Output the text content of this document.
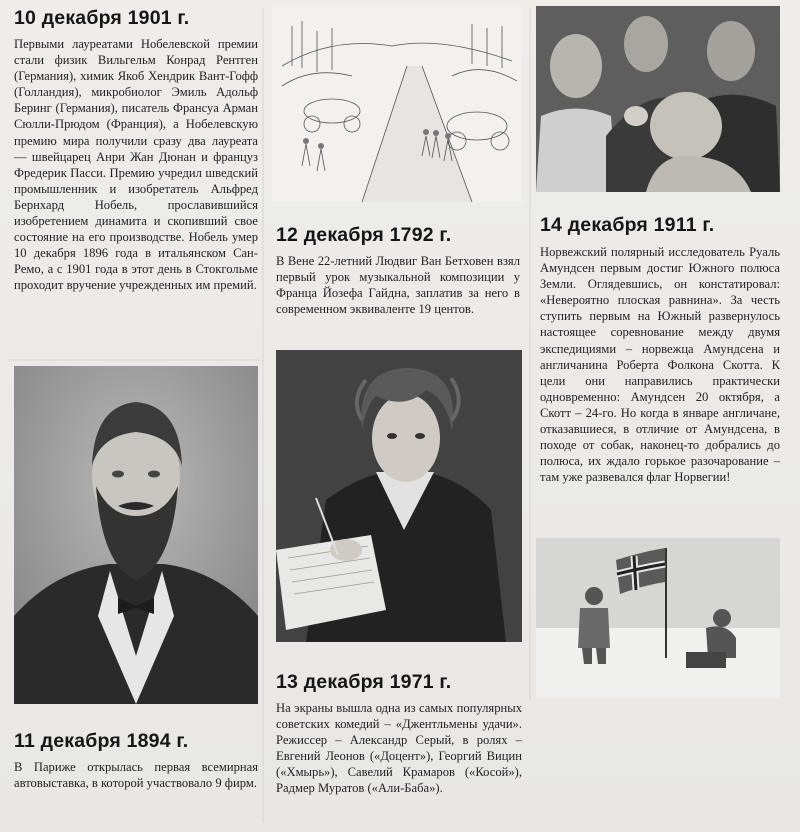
10 декабря 1901 г.
Первыми лауреатами Нобелевской премии стали физик Вильгельм Конрад Рентген (Германия), химик Якоб Хендрик Вант-Гофф (Голландия), микробиолог Эмиль Адольф Беринг (Германия), писатель Франсуа Арман Сюлли-Прюдом (Франция), а Нобелевскую премию мира получили сразу два лауреата — швейцарец Анри Жан Дюнан и француз Фредерик Пасси. Премию учредил шведский промышленник и изобретатель Альфред Бернхард Нобель, прославившийся изобретением динамита и скопивший свое состояние на его производстве. Нобель умер 10 декабря 1896 года в итальянском Сан-Ремо, а с 1901 года в этот день в Стокгольме проходит вручение учрежденных им премий.
11 декабря 1894 г.
В Париже открылась первая всемирная автовыставка, в которой участвовало 9 фирм.
12 декабря 1792 г.
В Вене 22-летний Людвиг Ван Бетховен взял первый урок музыкальной композиции у Франца Йозефа Гайдна, заплатив за него в современном эквиваленте 19 центов.
13 декабря 1971 г.
На экраны вышла одна из самых популярных советских комедий – «Джентльмены удачи». Режиссер – Александр Серый, в ролях – Евгений Леонов («Доцент»), Георгий Вицин («Хмырь»), Савелий Крамаров («Косой»), Радмер Муратов («Али-Баба»).
14 декабря 1911 г.
Норвежский полярный исследователь Руаль Амундсен первым достиг Южного полюса Земли. Оглядевшись, он констатировал: «Невероятно плоская равнина». За честь ступить первым на Южный развернулось настоящее соревнование между двумя экспедициями – норвежца Амундсена и англичанина Роберта Фолкона Скотта. К цели они направились практически одновременно: Амундсен 20 октября, а Скотт – 24-го. Но когда в январе англичане, отказавшиеся, в отличие от Амундсена, в походе от собак, наконец-то добрались до полюса, их ждало горькое разочарование – там уже развевался флаг Норвегии!
